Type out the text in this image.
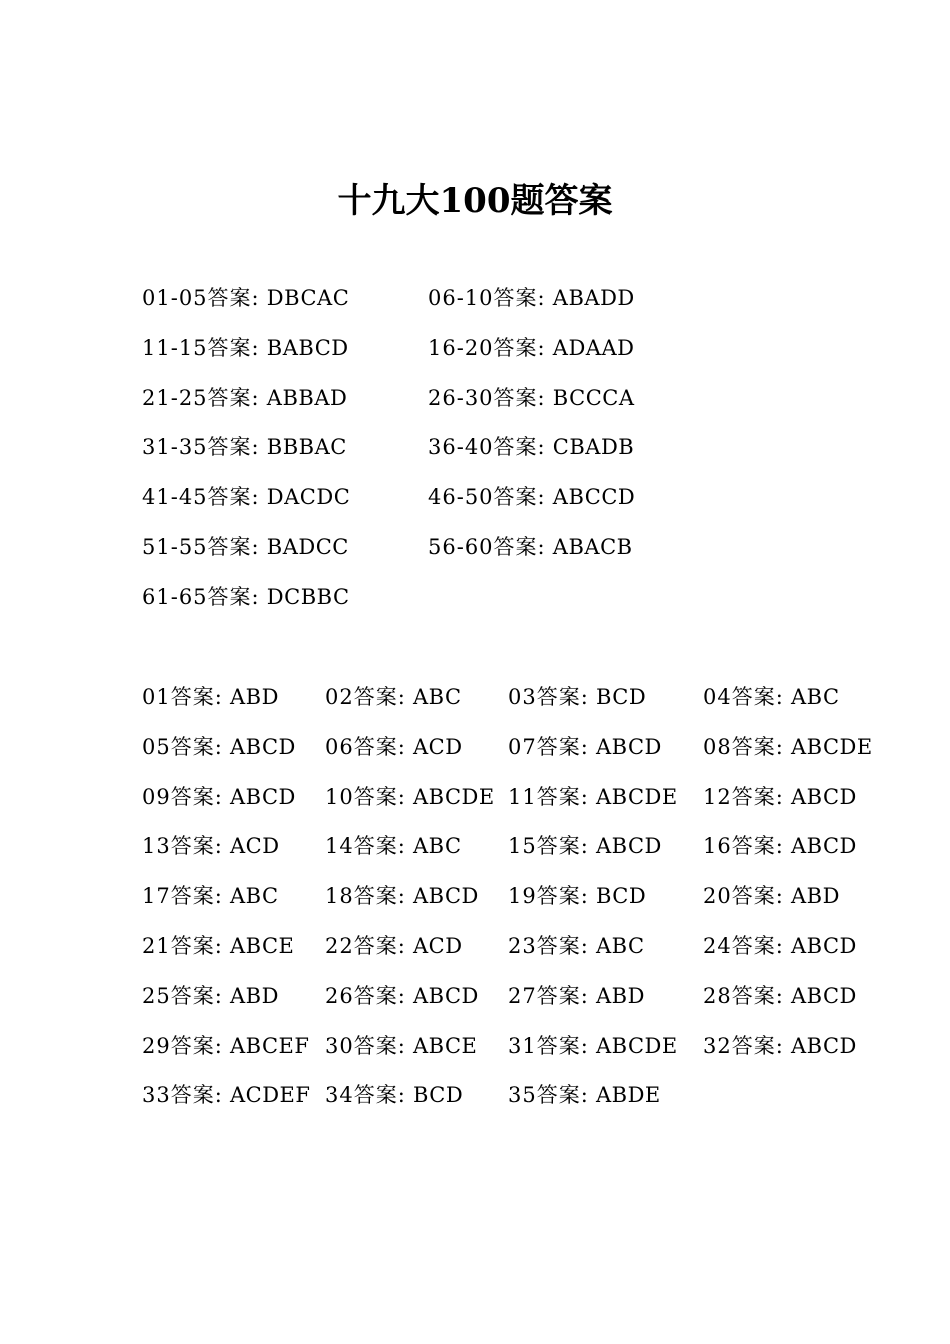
十九大100题答案
01-05答案: DBCAC	06-10答案: ABADD
11-15答案: BABCD	16-20答案: ADAAD
21-25答案: ABBAD	26-30答案: BCCCA
31-35答案: BBBAC	36-40答案: CBADB
41-45答案: DACDC	46-50答案: ABCCD
51-55答案: BADCC	56-60答案: ABACB
61-65答案: DCBBC
01答案: ABD 02答案: ABC 03答案: BCD	04答案: ABC
05答案: ABCD 06答案: ACD 07答案: ABCD 08答案: ABCDE
09答案: ABCD 10答案: ABCDE 11答案: ABCDE 12答案: ABCD
13答案: ACD 14答案: ABC 15答案: ABCD 16答案: ABCD
17答案: ABC 18答案: ABCD 19答案: BCD	20答案: ABD
21答案: ABCE 22答案: ACD 23答案: ABC	24答案: ABCD
25答案: ABD 26答案: ABCD 27答案: ABD	28答案: ABCD
29答案: ABCEF 30答案: ABCE 31答案: ABCDE 32答案: ABCD
33答案: ACDEF 34答案: BCD 35答案: ABDE
